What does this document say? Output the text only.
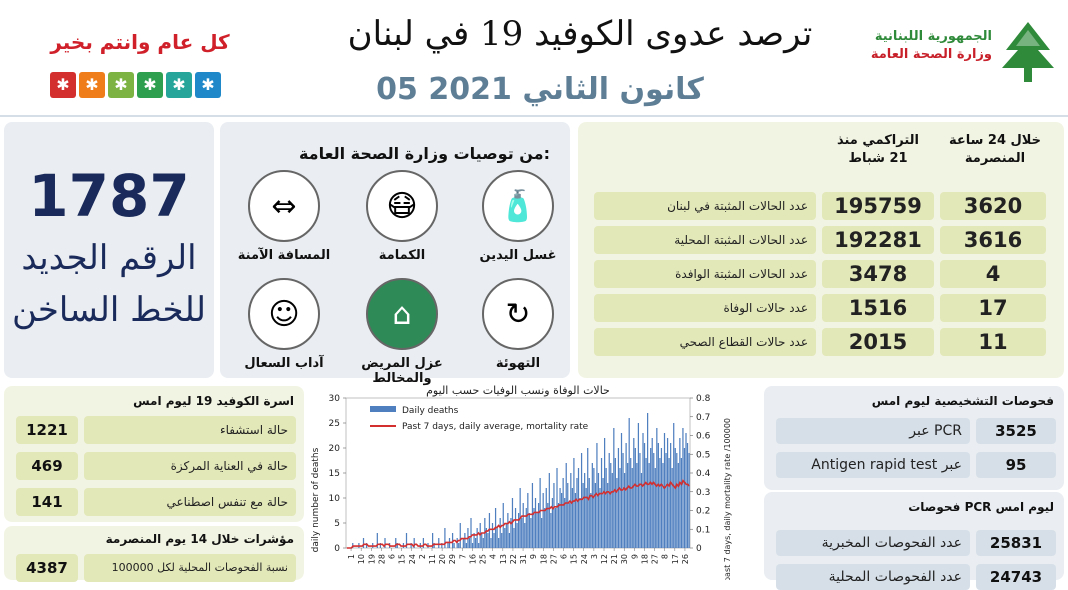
كل عام وانتم بخير
✱ ✱ ✱ ✱ ✱ ✱
ترصد عدوى الكوفيد 19 في لبنان
05 كانون الثاني 2021
الجمهورية اللبنانية
وزارة الصحة العامة
1787
الرقم الجديد
للخط الساخن
من توصيات وزارة الصحة العامة:
🧴
غسل اليدين
😷
الكمامة
⇔
المسافة الآمنة
↻
التهوئة
⌂
عزل المريض والمخالط
☺
آداب السعال
خلال 24 ساعة المنصرمة
التراكمي منذ 21 شباط
عدد الحالات المثبتة في لبنان	195759	3620
عدد الحالات المثبتة المحلية	192281	3616
عدد الحالات المثبتة الوافدة	3478	4
عدد حالات الوفاة	1516	17
عدد حالات القطاع الصحي	2015	11
اسرة الكوفيد 19 ليوم امس
1221	حالة استشفاء
469	حالة في العناية المركزة
141	حالة مع تنفس اصطناعي
مؤشرات خلال 14 يوم المنصرمة
4387	نسبة الفحوصات المحلية لكل 100000
حالات الوفاة ونسب الوفيات حسب اليوم
daily number of deaths	past 7 days, daily mortality rate /100000
0
5
10
15
20
25
30
0
0.1
0.2
0.3
0.4
0.5
0.6
0.7
0.8
1 10 19 28 6 15 24 2 11 20 29 7 16 25 4 13 22 31 9 18 27 6 15 24 3 12 21 30 9 18 27 8 17 26
Daily deaths
Past 7 days, daily average, mortality rate
فحوصات التشخيصية ليوم امس
عبر PCR	3525
Antigen rapid test عبر	95
فحوصات PCR ليوم امس
عدد الفحوصات المخبرية	25831
عدد الفحوصات المحلية	24743
